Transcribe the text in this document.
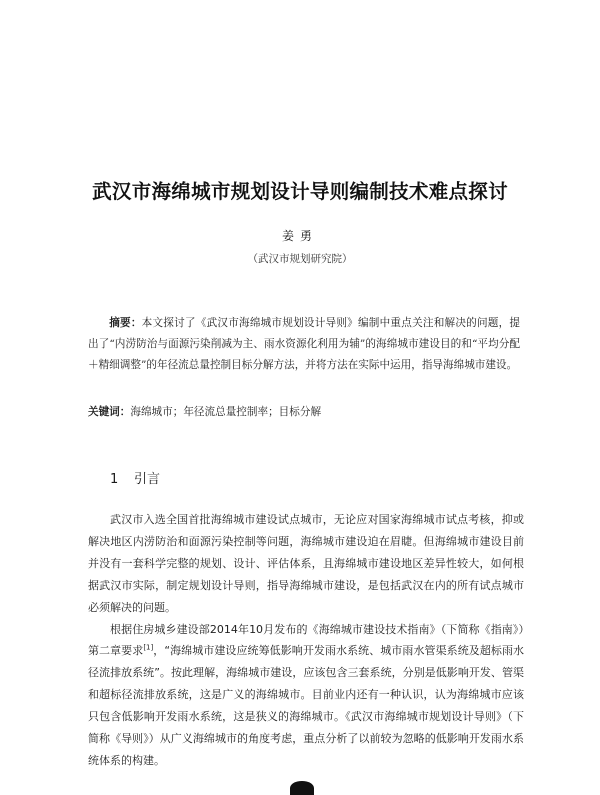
武汉市海绵城市规划设计导则编制技术难点探讨
姜勇
（武汉市规划研究院）
摘要：本文探讨了《武汉市海绵城市规划设计导则》编制中重点关注和解决的问题，提出了“内涝防治与面源污染削减为主、雨水资源化利用为辅”的海绵城市建设目的和“平均分配＋精细调整”的年径流总量控制目标分解方法，并将方法在实际中运用，指导海绵城市建设。
关键词：海绵城市；年径流总量控制率；目标分解
1 引言

武汉市入选全国首批海绵城市建设试点城市，无论应对国家海绵城市试点考核，抑或解决地区内涝防治和面源污染控制等问题，海绵城市建设迫在眉睫。但海绵城市建设目前并没有一套科学完整的规划、设计、评估体系，且海绵城市建设地区差异性较大，如何根据武汉市实际，制定规划设计导则，指导海绵城市建设，是包括武汉在内的所有试点城市必须解决的问题。

根据住房城乡建设部2014年10月发布的《海绵城市建设技术指南》（下简称《指南》）第二章要求[1]，“海绵城市建设应统筹低影响开发雨水系统、城市雨水管渠系统及超标雨水径流排放系统”。按此理解，海绵城市建设，应该包含三套系统，分别是低影响开发、管渠和超标径流排放系统，这是广义的海绵城市。目前业内还有一种认识，认为海绵城市应该只包含低影响开发雨水系统，这是狭义的海绵城市。《武汉市海绵城市规划设计导则》（下简称《导则》）从广义海绵城市的角度考虑，重点分析了以前较为忽略的低影响开发雨水系统体系的构建。
